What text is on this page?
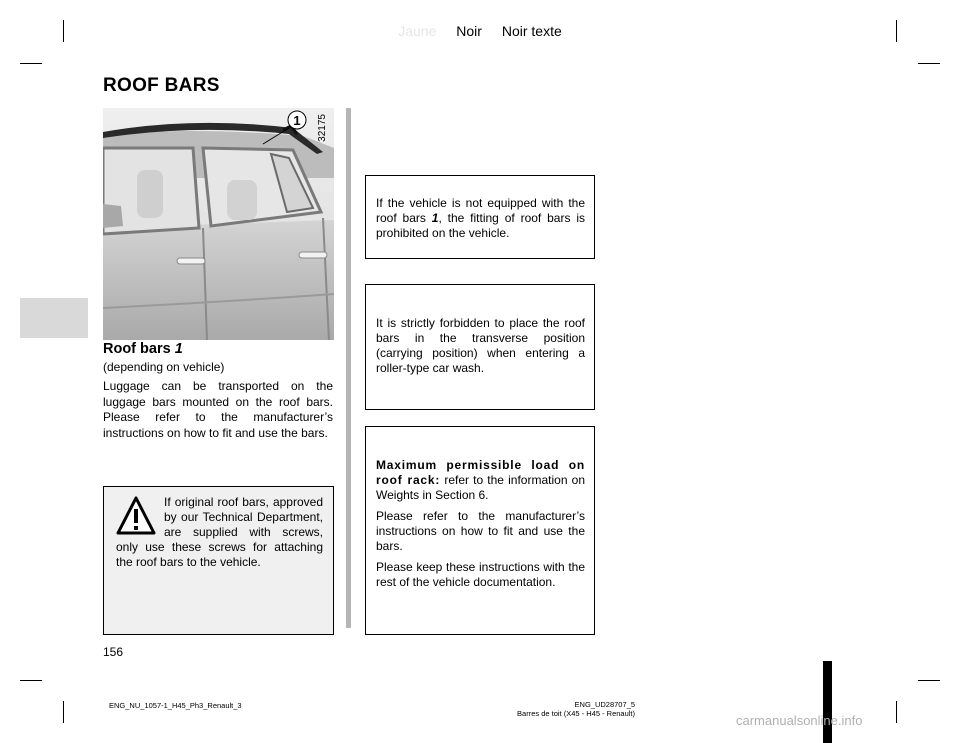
Jaune Noir Noir texte
ROOF BARS
1 32175
Roof bars 1
(depending on vehicle)
Luggage can be transported on the luggage bars mounted on the roof bars. Please refer to the manufacturer’s instructions on how to fit and use the bars.

If original roof bars, approved by our Technical Department, are supplied with screws, only use these screws for attaching the roof bars to the vehicle.

If the vehicle is not equipped with the roof bars 1, the fitting of roof bars is prohibited on the vehicle.

It is strictly forbidden to place the roof bars in the transverse position (carrying position) when entering a roller-type car wash.

Maximum permissible load on roof rack: refer to the information on Weights in Section 6.

Please refer to the manufacturer’s instructions on how to fit and use the bars.

Please keep these instructions with the rest of the vehicle documentation.

156
ENG_NU_1057-1_H45_Ph3_Renault_3	ENG_UD28707_5
Barres de toit (X45 - H45 - Renault)	carmanualsonline.info
